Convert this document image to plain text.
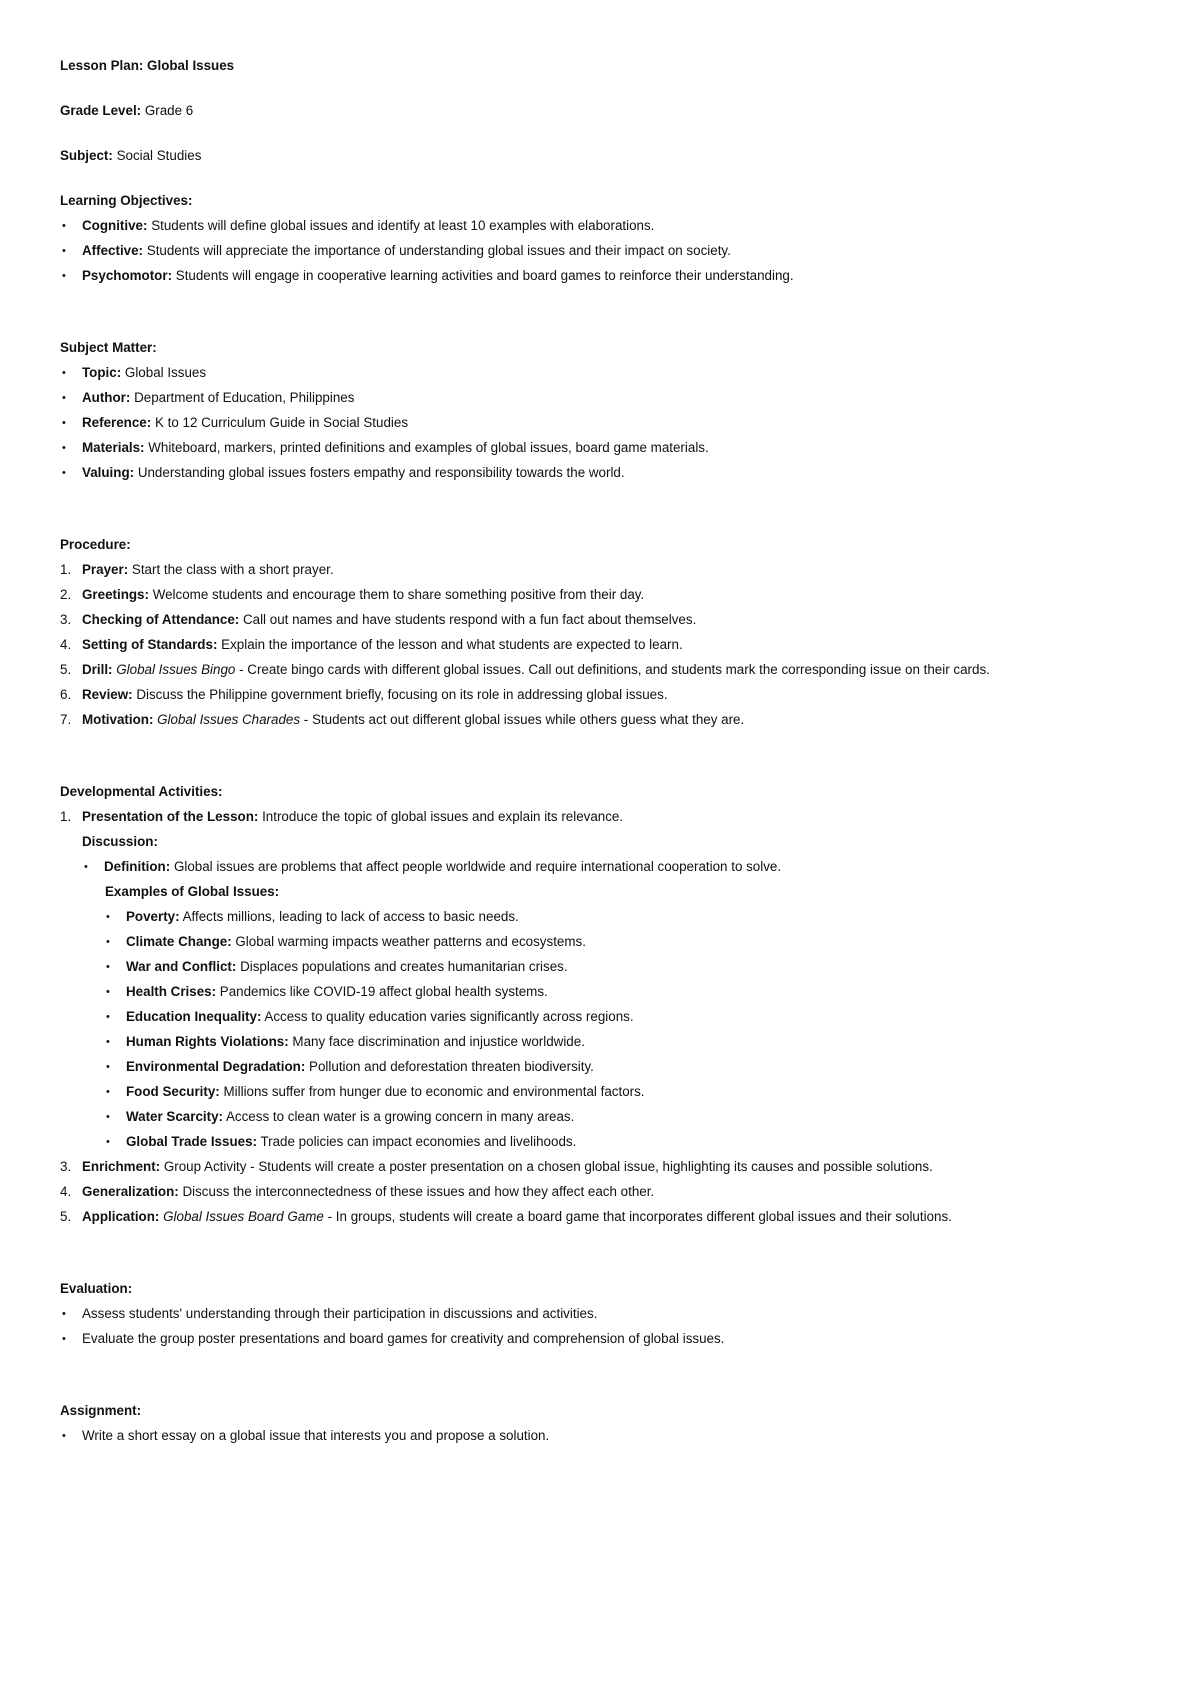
Lesson Plan: Global Issues
Grade Level: Grade 6
Subject: Social Studies
Learning Objectives:
Cognitive: Students will define global issues and identify at least 10 examples with elaborations.
Affective: Students will appreciate the importance of understanding global issues and their impact on society.
Psychomotor: Students will engage in cooperative learning activities and board games to reinforce their understanding.
Subject Matter:
Topic: Global Issues
Author: Department of Education, Philippines
Reference: K to 12 Curriculum Guide in Social Studies
Materials: Whiteboard, markers, printed definitions and examples of global issues, board game materials.
Valuing: Understanding global issues fosters empathy and responsibility towards the world.
Procedure:
1. Prayer: Start the class with a short prayer.
2. Greetings: Welcome students and encourage them to share something positive from their day.
3. Checking of Attendance: Call out names and have students respond with a fun fact about themselves.
4. Setting of Standards: Explain the importance of the lesson and what students are expected to learn.
5. Drill: Global Issues Bingo - Create bingo cards with different global issues. Call out definitions, and students mark the corresponding issue on their cards.
6. Review: Discuss the Philippine government briefly, focusing on its role in addressing global issues.
7. Motivation: Global Issues Charades - Students act out different global issues while others guess what they are.
Developmental Activities:
1. Presentation of the Lesson: Introduce the topic of global issues and explain its relevance.
Discussion:
Definition: Global issues are problems that affect people worldwide and require international cooperation to solve.
Examples of Global Issues:
Poverty: Affects millions, leading to lack of access to basic needs.
Climate Change: Global warming impacts weather patterns and ecosystems.
War and Conflict: Displaces populations and creates humanitarian crises.
Health Crises: Pandemics like COVID-19 affect global health systems.
Education Inequality: Access to quality education varies significantly across regions.
Human Rights Violations: Many face discrimination and injustice worldwide.
Environmental Degradation: Pollution and deforestation threaten biodiversity.
Food Security: Millions suffer from hunger due to economic and environmental factors.
Water Scarcity: Access to clean water is a growing concern in many areas.
Global Trade Issues: Trade policies can impact economies and livelihoods.
3. Enrichment: Group Activity - Students will create a poster presentation on a chosen global issue, highlighting its causes and possible solutions.
4. Generalization: Discuss the interconnectedness of these issues and how they affect each other.
5. Application: Global Issues Board Game - In groups, students will create a board game that incorporates different global issues and their solutions.
Evaluation:
Assess students' understanding through their participation in discussions and activities.
Evaluate the group poster presentations and board games for creativity and comprehension of global issues.
Assignment:
Write a short essay on a global issue that interests you and propose a solution.
